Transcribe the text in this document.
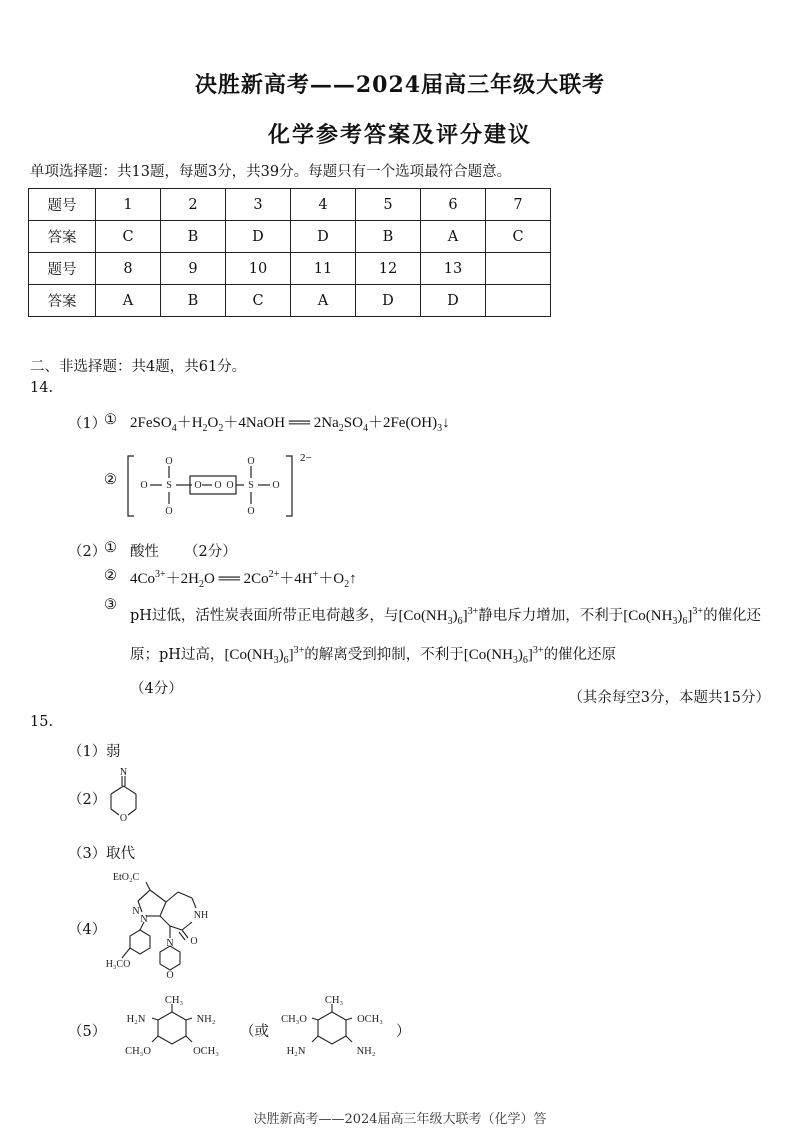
决胜新高考——2024届高三年级大联考
化学参考答案及评分建议
单项选择题：共13题，每题3分，共39分。每题只有一个选项最符合题意。
题号	1	2	3	4	5	6	7
答案	C	B	D	D	B	A	C
题号	8	9	10	11	12	13	
答案	A	B	C	A	D	D	
二、非选择题：共4题，共61分。
14.
（1）
① $2FeSO_4+H_2O_2+4NaOH$ ══ $2Na_2SO_4+2Fe(OH)_3↓$
② O S
O
O
O O O S
O
O
O
2−
（2）
① 酸性 （2分）
② $4Co^{3+}+2H_2O$ ══ $2Co^{2+}+4H^++O_2↑$
③
pH过低，活性炭表面所带正电荷越多，与$[Co(NH_3)_6]^{3+}$静电斥力增加，不利于$[Co(NH_3)_6]^{3+}$的催化还原；pH过高，$[Co(NH_3)_6]^{3+}$的解离受到抑制，不利于$[Co(NH_3)_6]^{3+}$的催化还原
（4分）
（其余每空3分，本题共15分）
15.
（1） 弱
（2）
N
O
（3） 取代
（4）
EtO₂C
N
N	NH
O
N
O
H₃CO
（5）
CH₃
H₂N	NH₂
CH₃O	OCH₃
（或
CH₃
CH₃O	OCH₃
H₂N	NH₂
）
决胜新高考——2024届高三年级大联考（化学）答
